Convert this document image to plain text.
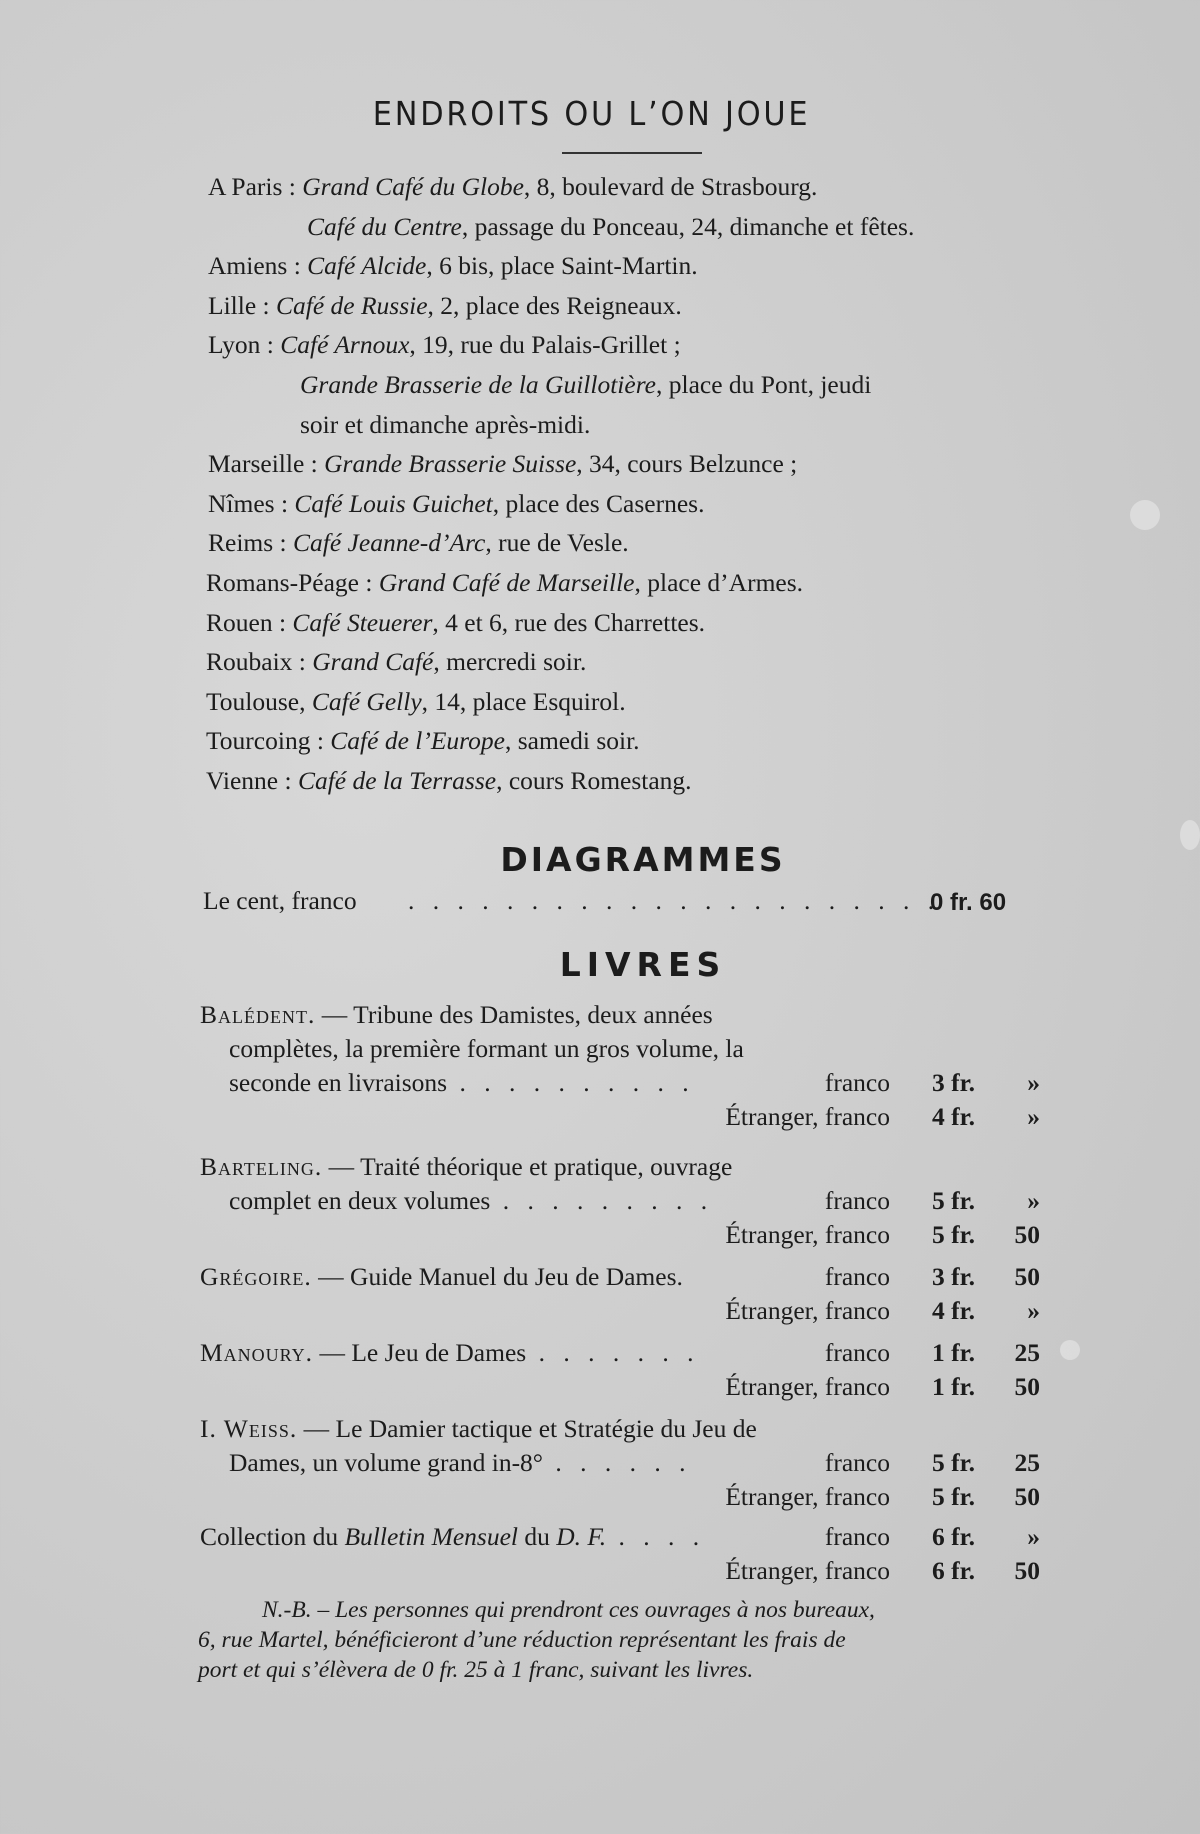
ENDROITS OU L’ON JOUE
A Paris : Grand Café du Globe, 8, boulevard de Strasbourg.
Café du Centre, passage du Ponceau, 24, dimanche et fêtes.
Amiens : Café Alcide, 6 bis, place Saint-Martin.
Lille : Café de Russie, 2, place des Reigneaux.
Lyon : Café Arnoux, 19, rue du Palais-Grillet ;
Grande Brasserie de la Guillotière, place du Pont, jeudi
soir et dimanche après-midi.
Marseille : Grande Brasserie Suisse, 34, cours Belzunce ;
Nîmes : Café Louis Guichet, place des Casernes.
Reims : Café Jeanne-d’Arc, rue de Vesle.
Romans-Péage : Grand Café de Marseille, place d’Armes.
Rouen : Café Steuerer, 4 et 6, rue des Charrettes.
Roubaix : Grand Café, mercredi soir.
Toulouse, Café Gelly, 14, place Esquirol.
Tourcoing : Café de l’Europe, samedi soir.
Vienne : Café de la Terrasse, cours Romestang.
DIAGRAMMES
Le cent, franco . . . . . . . . . . . . . . . . . . . . . .
0 fr. 60
LIVRES
Balédent. — Tribune des Damistes, deux années
complètes, la première formant un gros volume, la
seconde en livraisons . . . . . . . . . .	franco 3 fr. »
Étranger, franco 4 fr. »
Barteling. — Traité théorique et pratique, ouvrage
complet en deux volumes . . . . . . . . .	franco 5 fr. »
Étranger, franco 5 fr. 50
Grégoire. — Guide Manuel du Jeu de Dames.	franco 3 fr. 50
Étranger, franco 4 fr. »
Manoury. — Le Jeu de Dames . . . . . . .	franco 1 fr. 25
Étranger, franco 1 fr. 50
I. Weiss. — Le Damier tactique et Stratégie du Jeu de
Dames, un volume grand in-8° . . . . . .	franco 5 fr. 25
Étranger, franco 5 fr. 50
Collection du Bulletin Mensuel du D. F. . . . .	franco 6 fr. »
Étranger, franco 6 fr. 50
N.-B. – Les personnes qui prendront ces ouvrages à nos bureaux,
6, rue Martel, bénéficieront d’une réduction représentant les frais de
port et qui s’élèvera de 0 fr. 25 à 1 franc, suivant les livres.
